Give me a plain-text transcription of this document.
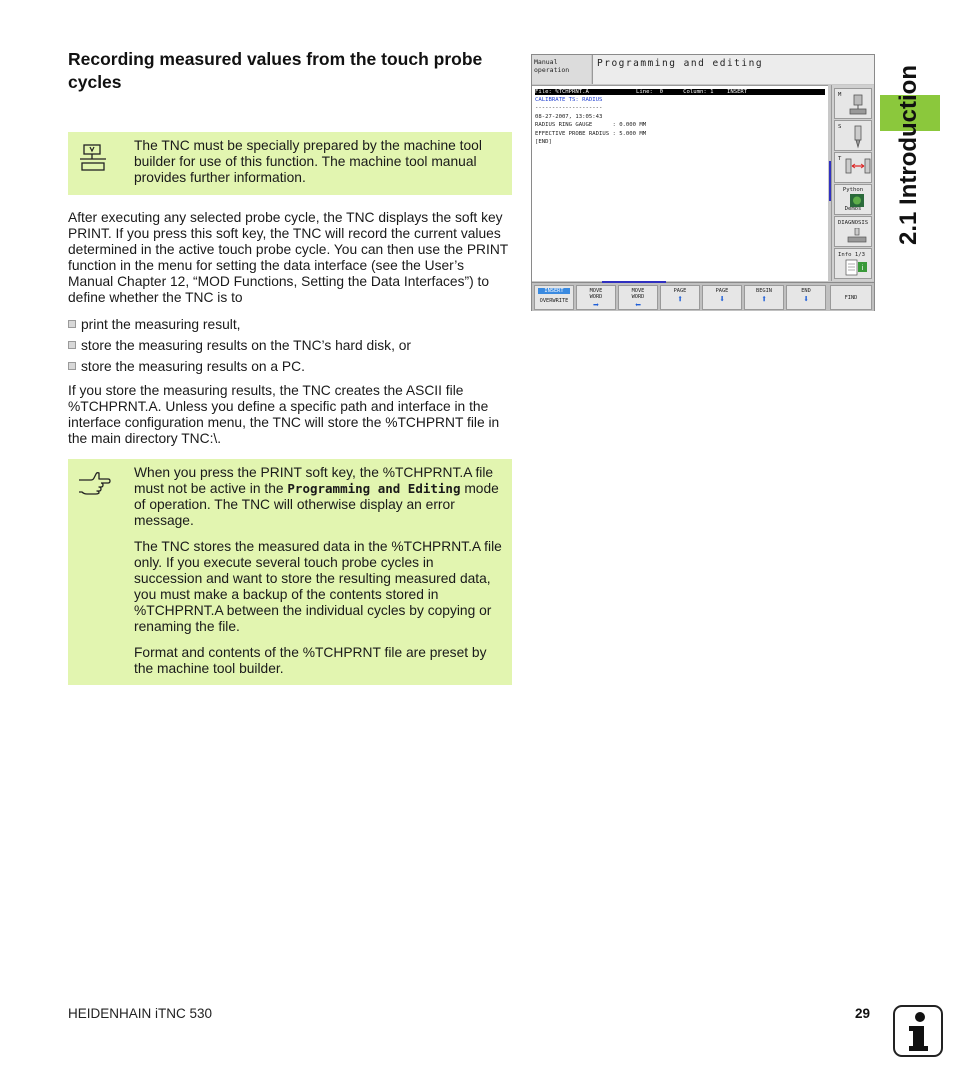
Recording measured values from the touch probe cycles
The TNC must be specially prepared by the machine tool builder for use of this function. The machine tool manual provides further information.
After executing any selected probe cycle, the TNC displays the soft key PRINT. If you press this soft key, the TNC will record the current values determined in the active touch probe cycle. You can then use the PRINT function in the menu for setting the data interface (see the User’s Manual Chapter 12, “MOD Functions, Setting the Data Interfaces”) to define whether the TNC is to
print the measuring result,
store the measuring results on the TNC’s hard disk, or
store the measuring results on a PC.
If you store the measuring results, the TNC creates the ASCII file %TCHPRNT.A. Unless you define a specific path and interface in the interface configuration menu, the TNC will store the %TCHPRNT file in the main directory TNC:\.

When you press the PRINT soft key, the %TCHPRNT.A file must not be active in the Programming and Editing mode of operation. The TNC will otherwise display an error message.

The TNC stores the measured data in the %TCHPRNT.A file only. If you execute several touch probe cycles in succession and want to store the resulting measured data, you must make a backup of the contents stored in %TCHPRNT.A between the individual cycles by copying or renaming the file.

Format and contents of the %TCHPRNT file are preset by the machine tool builder.

Manual
operation
Programming and editing
File: %TCHPRNT.A              Line:  0      Column: 1    INSERT
CALIBRATE TS: RADIUS
--------------------
08-27-2007, 13:05:43
RADIUS RING GAUGE      : 0.000 MM
EFFECTIVE PROBE RADIUS : 5.000 MM
[END]
M
S
T
Python
Demos
DIAGNOSIS
Info 1/3
i
INSERT
OVERWRITE
MOVE
WORD
➡
MOVE
WORD
⬅
PAGE
⬆
PAGE
⬇
BEGIN
⬆
END
⬇	FIND
2.1 Introduction
HEIDENHAIN iTNC 530	29
